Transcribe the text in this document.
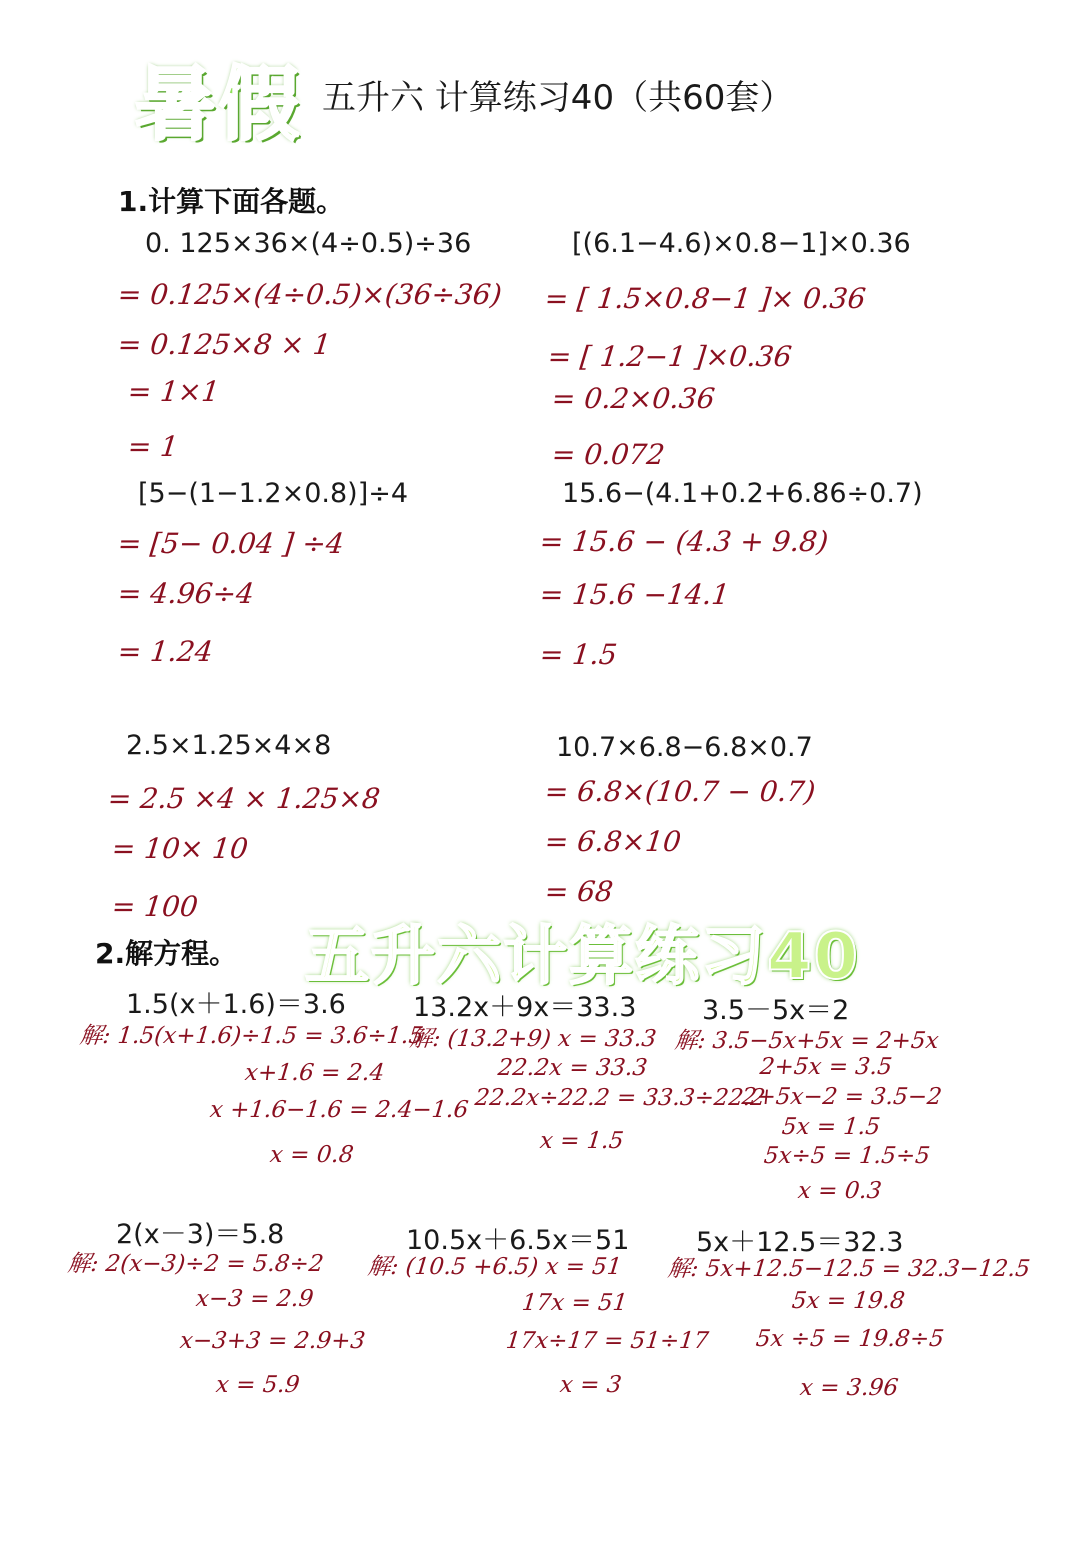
暑假 五升六 计算练习40（共60套）
1.计算下面各题。
0. 125×36×(4÷0.5)÷36
= 0.125×(4÷0.5)×(36÷36)
= 0.125×8 × 1
= 1×1
= 1
[(6.1−4.6)×0.8−1]×0.36
= [ 1.5×0.8−1 ]× 0.36
= [ 1.2−1 ]×0.36
= 0.2×0.36
= 0.072
[5−(1−1.2×0.8)]÷4
= [5− 0.04 ] ÷4
= 4.96÷4
= 1.24
15.6−(4.1+0.2+6.86÷0.7)
= 15.6 − (4.3 + 9.8)
= 15.6 −14.1
= 1.5
2.5×1.25×4×8
= 2.5 ×4 × 1.25×8
= 10× 10
= 100
10.7×6.8−6.8×0.7
= 6.8×(10.7 − 0.7)
= 6.8×10
= 68
2.解方程。 五升六计算练习40
1.5(x＋1.6)＝3.6
解: 1.5(x+1.6)÷1.5 = 3.6÷1.5
x+1.6 = 2.4
x +1.6−1.6 = 2.4−1.6
x = 0.8
13.2x＋9x＝33.3
解: (13.2+9) x = 33.3
22.2x = 33.3
22.2x÷22.2 = 33.3÷22.2
x = 1.5
3.5－5x＝2
解: 3.5−5x+5x = 2+5x
2+5x = 3.5
2+5x−2 = 3.5−2
5x = 1.5
5x÷5 = 1.5÷5
x = 0.3
2(x－3)＝5.8
解: 2(x−3)÷2 = 5.8÷2
x−3 = 2.9
x−3+3 = 2.9+3
x = 5.9
10.5x＋6.5x＝51
解: (10.5 +6.5) x = 51
17x = 51
17x÷17 = 51÷17
x = 3
5x＋12.5＝32.3
解: 5x+12.5−12.5 = 32.3−12.5
5x = 19.8
5x ÷5 = 19.8÷5
x = 3.96
